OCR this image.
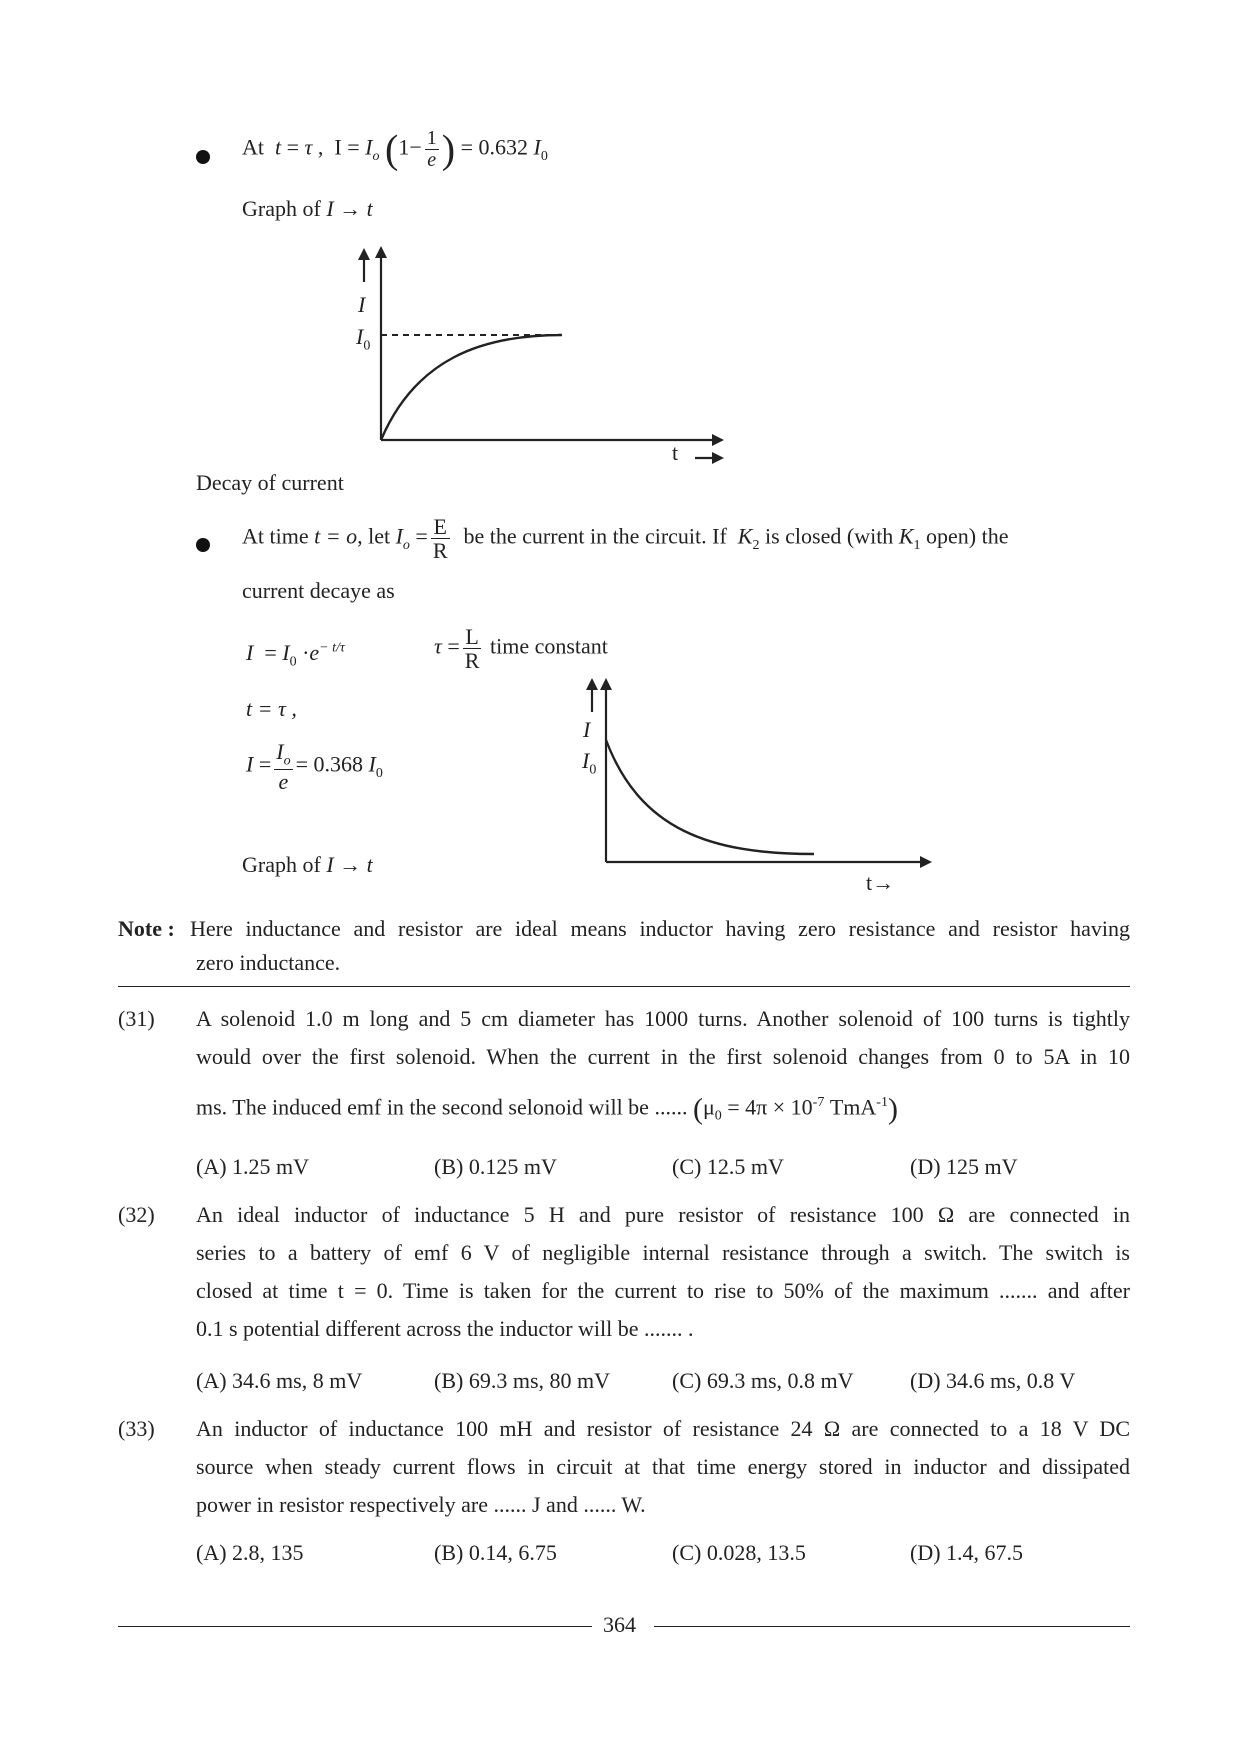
At  t = τ ,  $I = I_o$ ($1- \frac{1}{e}$ ) = 0.632 $I_0$
Graph of I → t
I
$I_0$
t
Decay of current
At time t = o, let $I_o = \frac{E}{R}$ be the current in the circuit. If $K_2$ is closed (with $K_1$ open) the
current decaye as
$I = I_0 \cdot e^{- t/\tau}$	$\tau = \frac{L}{R}$ time constant
t = τ ,
$I = \frac{I_o}{e} = 0.368$ $I_0$
Graph of I → t
I
$I_0$
t→
Note : Here inductance and resistor are ideal means inductor having zero resistance and resistor having
zero inductance.
(31) A solenoid 1.0 m long and 5 cm diameter has 1000 turns. Another solenoid of 100 turns is tightly
would over the first solenoid. When the current in the first solenoid changes from 0 to 5A in 10
ms. The induced emf in the second selonoid will be ...... ($\mu_0 = 4\pi \times 10^{-7}$ TmA$^{-1}$)
(A) 1.25 mV	(B) 0.125 mV	(C) 12.5 mV	(D) 125 mV
(32) An ideal inductor of inductance 5 H and pure resistor of resistance 100 Ω are connected in
series to a battery of emf 6 V of negligible internal resistance through a switch. The switch is
closed at time t = 0. Time is taken for the current to rise to 50% of the maximum ....... and after
0.1 s potential different across the inductor will be ....... .
(A) 34.6 ms, 8 mV	(B) 69.3 ms, 80 mV	(C) 69.3 ms, 0.8 mV	(D) 34.6 ms, 0.8 V
(33) An inductor of inductance 100 mH and resistor of resistance 24 Ω are connected to a 18 V DC
source when steady current flows in circuit at that time energy stored in inductor and dissipated
power in resistor respectively are ...... J and ...... W.
(A) 2.8, 135	(B) 0.14, 6.75	(C) 0.028, 13.5	(D) 1.4, 67.5
364
